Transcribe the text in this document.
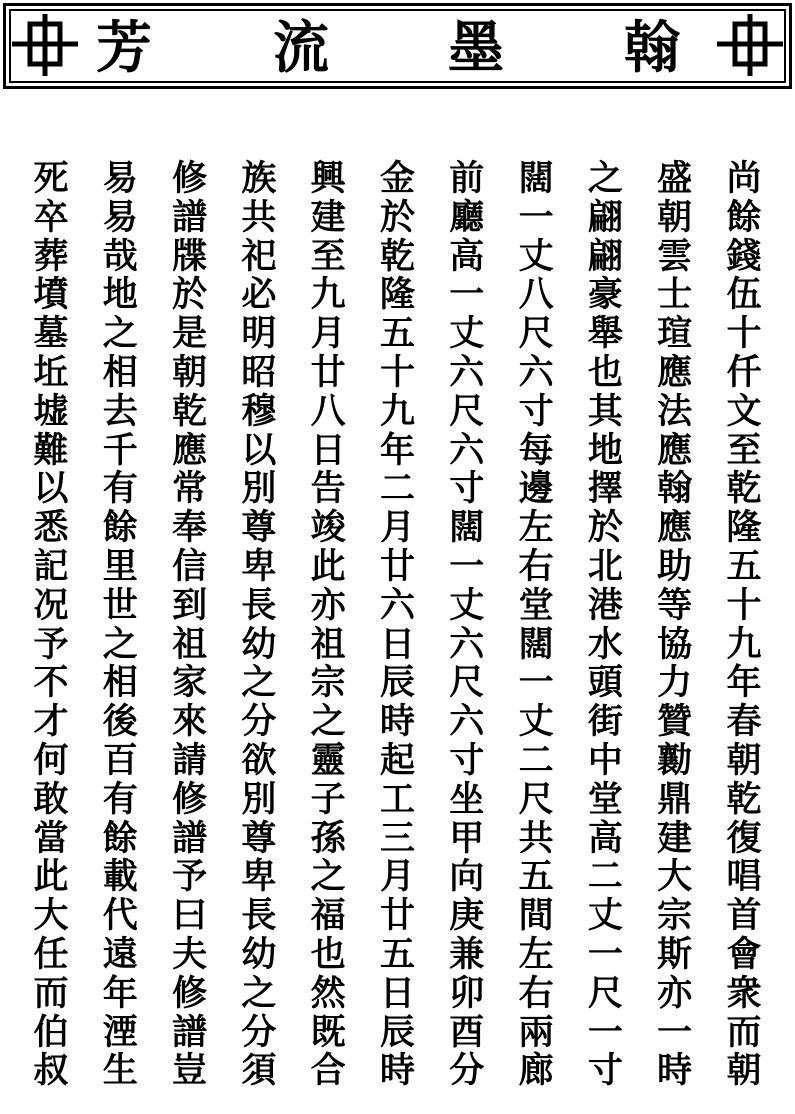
芳 流 墨 翰
尚
餘
錢
伍
十
仟
文
至
乾
隆
五
十
九
年
春
朝
乾
復
唱
首
會
衆
而
朝
盛
朝
雲
士
瑄
應
法
應
翰
應
助
等
協
力
贊
勷
鼎
建
大
宗
斯
亦
一
時
之
翩
翩
豪
舉
也
其
地
擇
於
北
港
水
頭
街
中
堂
高
二
丈
一
尺
一
寸
闊
一
丈
八
尺
六
寸
每
邊
左
右
堂
闊
一
丈
二
尺
共
五
間
左
右
兩
廊
前
廳
高
一
丈
六
尺
六
寸
闊
一
丈
六
尺
六
寸
坐
甲
向
庚
兼
卯
酉
分
金
於
乾
隆
五
十
九
年
二
月
廿
六
日
辰
時
起
工
三
月
廿
五
日
辰
時
興
建
至
九
月
廿
八
日
告
竣
此
亦
祖
宗
之
靈
子
孫
之
福
也
然
既
合
族
共
祀
必
明
昭
穆
以
別
尊
卑
長
幼
之
分
欲
別
尊
卑
長
幼
之
分
須
修
譜
牒
於
是
朝
乾
應
常
奉
信
到
祖
家
來
請
修
譜
予
曰
夫
修
譜
豈
易
易
哉
地
之
相
去
千
有
餘
里
世
之
相
後
百
有
餘
載
代
遠
年
湮
生
死
卒
葬
墳
墓
坵
墟
難
以
悉
記
况
予
不
才
何
敢
當
此
大
任
而
伯
叔
